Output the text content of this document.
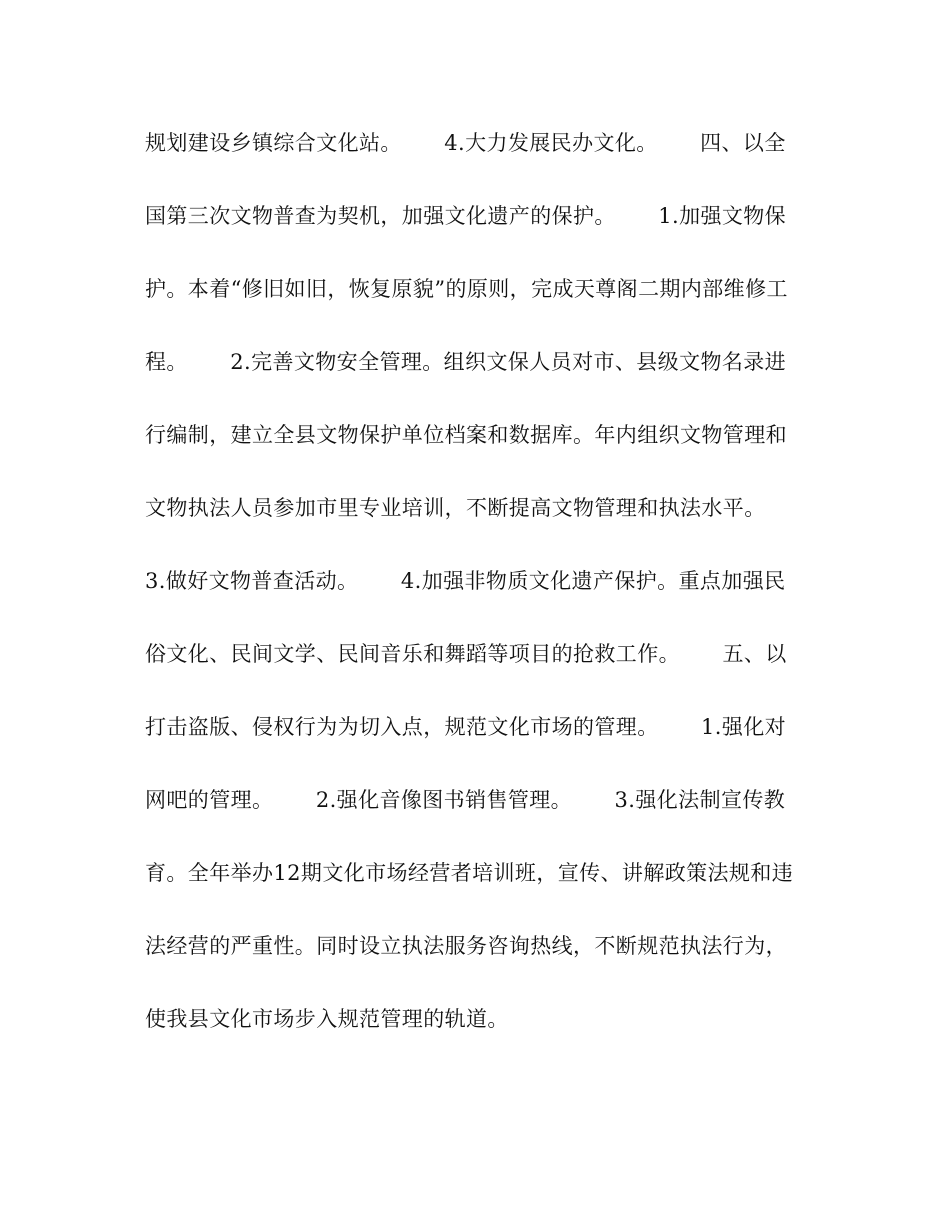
规划建设乡镇综合文化站。      4.大力发展民办文化。      四、以全
国第三次文物普查为契机，加强文化遗产的保护。      1.加强文物保
护。本着“修旧如旧，恢复原貌”的原则，完成天尊阁二期内部维修工
程。      2.完善文物安全管理。组织文保人员对市、县级文物名录进
行编制，建立全县文物保护单位档案和数据库。年内组织文物管理和
文物执法人员参加市里专业培训，不断提高文物管理和执法水平。
3.做好文物普查活动。      4.加强非物质文化遗产保护。重点加强民
俗文化、民间文学、民间音乐和舞蹈等项目的抢救工作。      五、以
打击盗版、侵权行为为切入点，规范文化市场的管理。      1.强化对
网吧的管理。      2.强化音像图书销售管理。      3.强化法制宣传教
育。全年举办12期文化市场经营者培训班，宣传、讲解政策法规和违
法经营的严重性。同时设立执法服务咨询热线，不断规范执法行为，
使我县文化市场步入规范管理的轨道。
